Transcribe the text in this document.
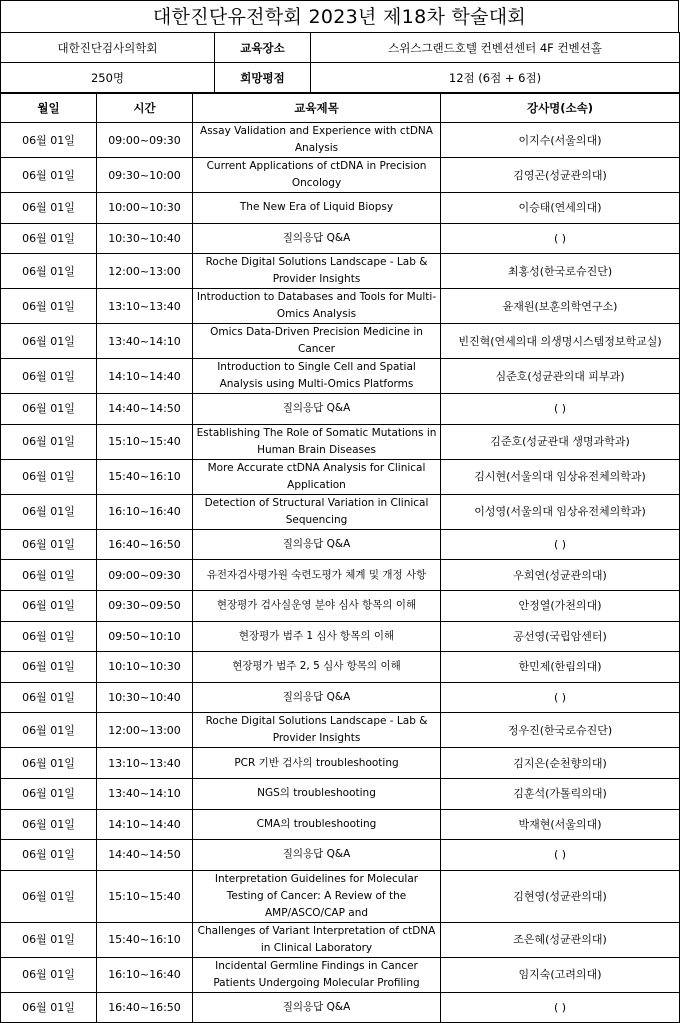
대한진단유전학회 2023년 제18차 학술대회
대한진단검사의학회	교육장소	스위스그랜드호텔 컨벤션센터 4F 컨벤션홀
250명	희망평점	12점 (6점 + 6점)
월일	시간	교육제목	강사명(소속)
06월 01일	09:00~09:30	Assay Validation and Experience with ctDNA Analysis	이지수(서울의대)
06월 01일	09:30~10:00	Current Applications of ctDNA in Precision Oncology	김영곤(성균관의대)
06월 01일	10:00~10:30	The New Era of Liquid Biopsy	이승태(연세의대)
06월 01일	10:30~10:40	질의응답 Q&A	( )
06월 01일	12:00~13:00	Roche Digital Solutions Landscape - Lab & Provider Insights	최홍성(한국로슈진단)
06월 01일	13:10~13:40	Introduction to Databases and Tools for Multi-Omics Analysis	윤재원(보훈의학연구소)
06월 01일	13:40~14:10	Omics Data-Driven Precision Medicine in Cancer	빈진혁(연세의대 의생명시스템정보학교실)
06월 01일	14:10~14:40	Introduction to Single Cell and Spatial Analysis using Multi-Omics Platforms	심준호(성균관의대 피부과)
06월 01일	14:40~14:50	질의응답 Q&A	( )
06월 01일	15:10~15:40	Establishing The Role of Somatic Mutations in Human Brain Diseases	김준호(성균관대 생명과학과)
06월 01일	15:40~16:10	More Accurate ctDNA Analysis for Clinical Application	김시현(서울의대 임상유전체의학과)
06월 01일	16:10~16:40	Detection of Structural Variation in Clinical Sequencing	이성영(서울의대 임상유전체의학과)
06월 01일	16:40~16:50	질의응답 Q&A	( )
06월 01일	09:00~09:30	유전자검사평가원 숙련도평가 체계 및 개정 사항	우희연(성균관의대)
06월 01일	09:30~09:50	현장평가 검사실운영 분야 심사 항목의 이해	안정열(가천의대)
06월 01일	09:50~10:10	현장평가 범주 1 심사 항목의 이해	공선영(국립암센터)
06월 01일	10:10~10:30	현장평가 범주 2, 5 심사 항목의 이해	한민제(한림의대)
06월 01일	10:30~10:40	질의응답 Q&A	( )
06월 01일	12:00~13:00	Roche Digital Solutions Landscape - Lab & Provider Insights	정우진(한국로슈진단)
06월 01일	13:10~13:40	PCR 기반 검사의 troubleshooting	김지은(순천향의대)
06월 01일	13:40~14:10	NGS의 troubleshooting	김훈석(가톨릭의대)
06월 01일	14:10~14:40	CMA의 troubleshooting	박재현(서울의대)
06월 01일	14:40~14:50	질의응답 Q&A	( )
06월 01일	15:10~15:40	Interpretation Guidelines for Molecular Testing of Cancer: A Review of the AMP/ASCO/CAP and	김현영(성균관의대)
06월 01일	15:40~16:10	Challenges of Variant Interpretation of ctDNA in Clinical Laboratory	조은혜(성균관의대)
06월 01일	16:10~16:40	Incidental Germline Findings in Cancer Patients Undergoing Molecular Profiling	임지숙(고려의대)
06월 01일	16:40~16:50	질의응답 Q&A	( )
